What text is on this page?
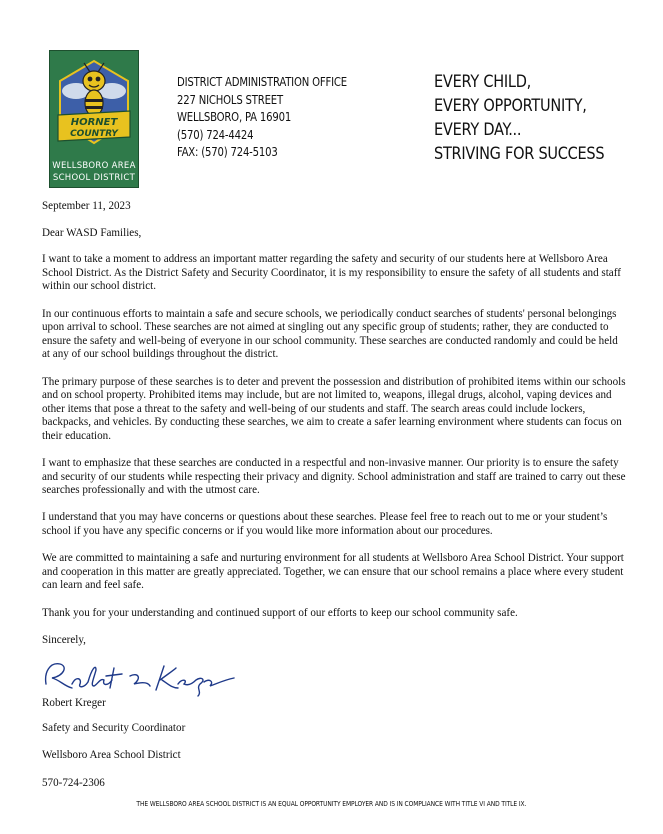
HORNET
COUNTRY
WELLSBORO AREA
SCHOOL DISTRICT
DISTRICT ADMINISTRATION OFFICE
227 NICHOLS STREET
WELLSBORO, PA 16901
(570) 724-4424
FAX: (570) 724-5103
EVERY CHILD,
EVERY OPPORTUNITY,
EVERY DAY...
STRIVING FOR SUCCESS

September 11, 2023

Dear WASD Families,

I want to take a moment to address an important matter regarding the safety and security of our students here at Wellsboro Area School District. As the District Safety and Security Coordinator, it is my responsibility to ensure the safety of all students and staff within our school district.

In our continuous efforts to maintain a safe and secure schools, we periodically conduct searches of students' personal belongings upon arrival to school. These searches are not aimed at singling out any specific group of students; rather, they are conducted to ensure the safety and well-being of everyone in our school community. These searches are conducted randomly and could be held at any of our school buildings throughout the district.

The primary purpose of these searches is to deter and prevent the possession and distribution of prohibited items within our schools and on school property. Prohibited items may include, but are not limited to, weapons, illegal drugs, alcohol, vaping devices and other items that pose a threat to the safety and well-being of our students and staff. The search areas could include lockers, backpacks, and vehicles. By conducting these searches, we aim to create a safer learning environment where students can focus on their education.

I want to emphasize that these searches are conducted in a respectful and non-invasive manner. Our priority is to ensure the safety and security of our students while respecting their privacy and dignity. School administration and staff are trained to carry out these searches professionally and with the utmost care.

I understand that you may have concerns or questions about these searches. Please feel free to reach out to me or your student’s school if you have any specific concerns or if you would like more information about our procedures.

We are committed to maintaining a safe and nurturing environment for all students at Wellsboro Area School District. Your support and cooperation in this matter are greatly appreciated. Together, we can ensure that our school remains a place where every student can learn and feel safe.

Thank you for your understanding and continued support of our efforts to keep our school community safe.

Sincerely,

Robert Kreger
Safety and Security Coordinator
Wellsboro Area School District
570-724-2306
THE WELLSBORO AREA SCHOOL DISTRICT IS AN EQUAL OPPORTUNITY EMPLOYER AND IS IN COMPLIANCE WITH TITLE VI AND TITLE IX.
